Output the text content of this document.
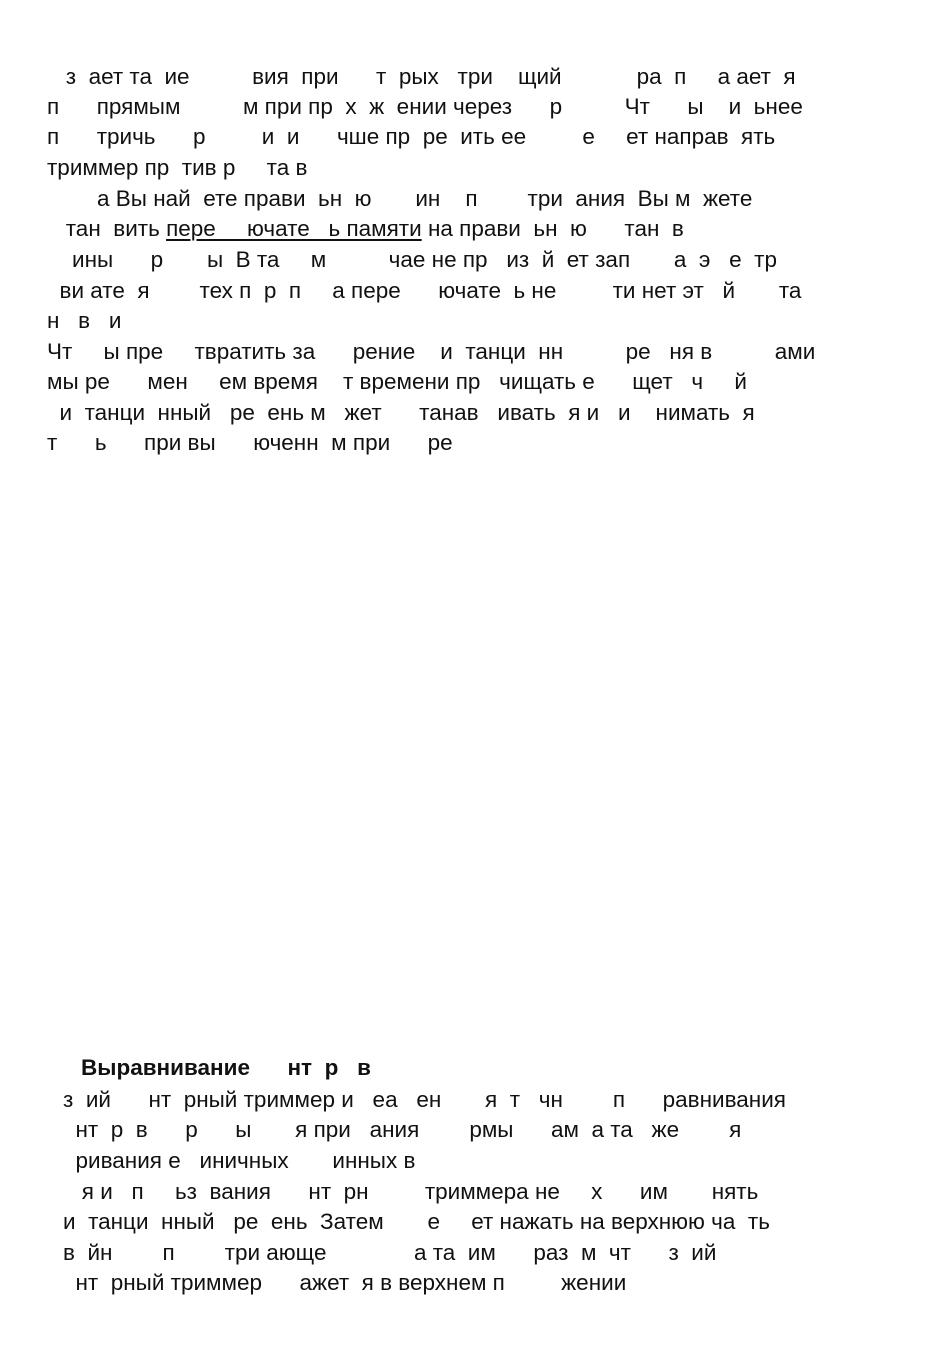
з  ает та  ие          вия  при      т  рых   три    щий            ра  п     а ает  я
п      прямым          м при пр  х  ж  ении через      р          Чт      ы    и  ьнее
п      тричь      р         и  и      чше пр  ре  ить ее         е     ет направ  ять
триммер пр  тив р     та в
а Вы най  ете прави  ьн  ю       ин    п        три  ания  Вы м  жете
тан  вить пере     ючате   ь памяти на прави  ьн  ю      тан  в
ины      р       ы  В та     м          чае не пр   из  й  ет зап       а  э   е  тр
ви ате  я        тех п  р  п     а пере      ючате  ь не         ти нет эт   й       та
н   в   и
Чт     ы пре     твратить за      рение    и  танци  нн          ре   ня в          ами
мы ре      мен     ем время    т времени пр   чищать е      щет   ч     й
и  танци  нный   ре  ень м   жет      танав   ивать  я и   и    нимать  я
т      ь      при вы      юченн  м при      ре
Выравнивание      нт  р   в
з  ий      нт  рный триммер и   еа   ен       я  т   чн        п      равнивания
нт  р  в      р      ы       я при   ания        рмы      ам  а та   же        я
ривания е   иничных       инных в
я и   п     ьз  вания      нт  рн         триммера не     х      им       нять
и  танци  нный   ре  ень  Затем       е     ет нажать на верхнюю ча  ть
в  йн        п        три ающе              а та  им      раз  м  чт      з  ий
нт  рный триммер      ажет  я в верхнем п         жении
